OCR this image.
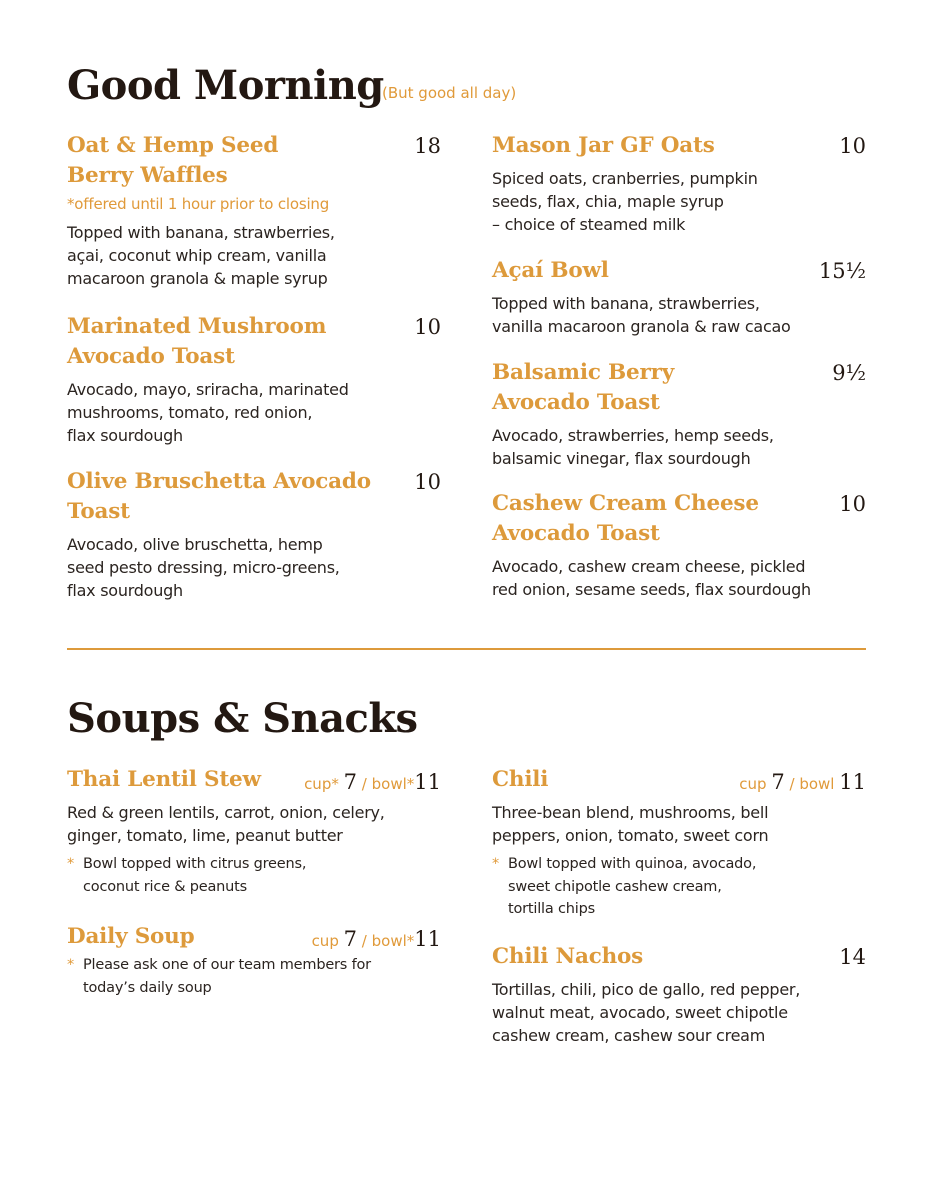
Good Morning
(But good all day)
Oat & Hemp Seed
Berry Waffles
18

*offered until 1 hour prior to closing

Topped with banana, strawberries,
açai, coconut whip cream, vanilla
macaroon granola & maple syrup

Marinated Mushroom
Avocado Toast
10

Avocado, mayo, sriracha, marinated
mushrooms, tomato, red onion,
flax sourdough

Olive Bruschetta Avocado
Toast
10

Avocado, olive bruschetta, hemp
seed pesto dressing, micro-greens,
flax sourdough

Mason Jar GF Oats	10

Spiced oats, cranberries, pumpkin
seeds, flax, chia, maple syrup
– choice of steamed milk

Açaí Bowl	15½

Topped with banana, strawberries,
vanilla macaroon granola & raw cacao

Balsamic Berry
Avocado Toast
9½

Avocado, strawberries, hemp seeds,
balsamic vinegar, flax sourdough

Cashew Cream Cheese
Avocado Toast
10

Avocado, cashew cream cheese, pickled
red onion, sesame seeds, flax sourdough

Soups & Snacks
Thai Lentil Stew	cup* 7 / bowl*11

Red & green lentils, carrot, onion, celery,
ginger, tomato, lime, peanut butter

* Bowl topped with citrus greens,
coconut rice & peanuts

Daily Soup	cup 7 / bowl*11

* Please ask one of our team members for
today’s daily soup

Chili	cup 7 / bowl 11

Three-bean blend, mushrooms, bell
peppers, onion, tomato, sweet corn

* Bowl topped with quinoa, avocado,
sweet chipotle cashew cream,
tortilla chips

Chili Nachos	14

Tortillas, chili, pico de gallo, red pepper,
walnut meat, avocado, sweet chipotle
cashew cream, cashew sour cream
